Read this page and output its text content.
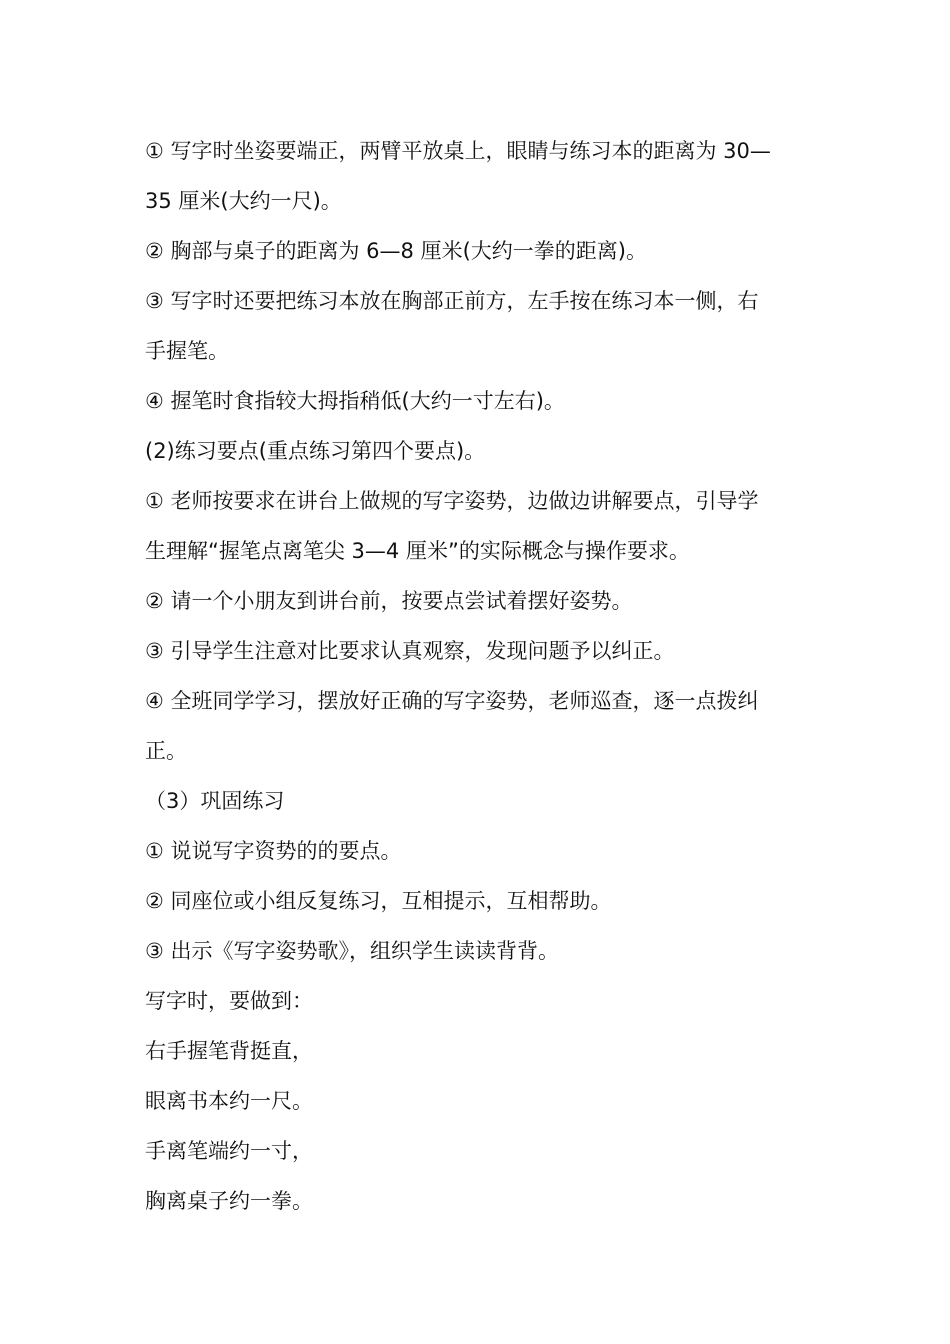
① 写字时坐姿要端正，两臂平放桌上，眼睛与练习本的距离为 30—
35 厘米(大约一尺)。
② 胸部与桌子的距离为 6—8 厘米(大约一拳的距离)。
③ 写字时还要把练习本放在胸部正前方，左手按在练习本一侧，右
手握笔。
④ 握笔时食指较大拇指稍低(大约一寸左右)。
(2)练习要点(重点练习第四个要点)。
① 老师按要求在讲台上做规的写字姿势，边做边讲解要点，引导学
生理解“握笔点离笔尖 3—4 厘米”的实际概念与操作要求。
② 请一个小朋友到讲台前，按要点尝试着摆好姿势。
③ 引导学生注意对比要求认真观察，发现问题予以纠正。
④ 全班同学学习，摆放好正确的写字姿势，老师巡查，逐一点拨纠
正。
（3）巩固练习
① 说说写字资势的的要点。
② 同座位或小组反复练习，互相提示，互相帮助。
③ 出示《写字姿势歌》，组织学生读读背背。
写字时，要做到：
右手握笔背挺直，
眼离书本约一尺。
手离笔端约一寸，
胸离桌子约一拳。
